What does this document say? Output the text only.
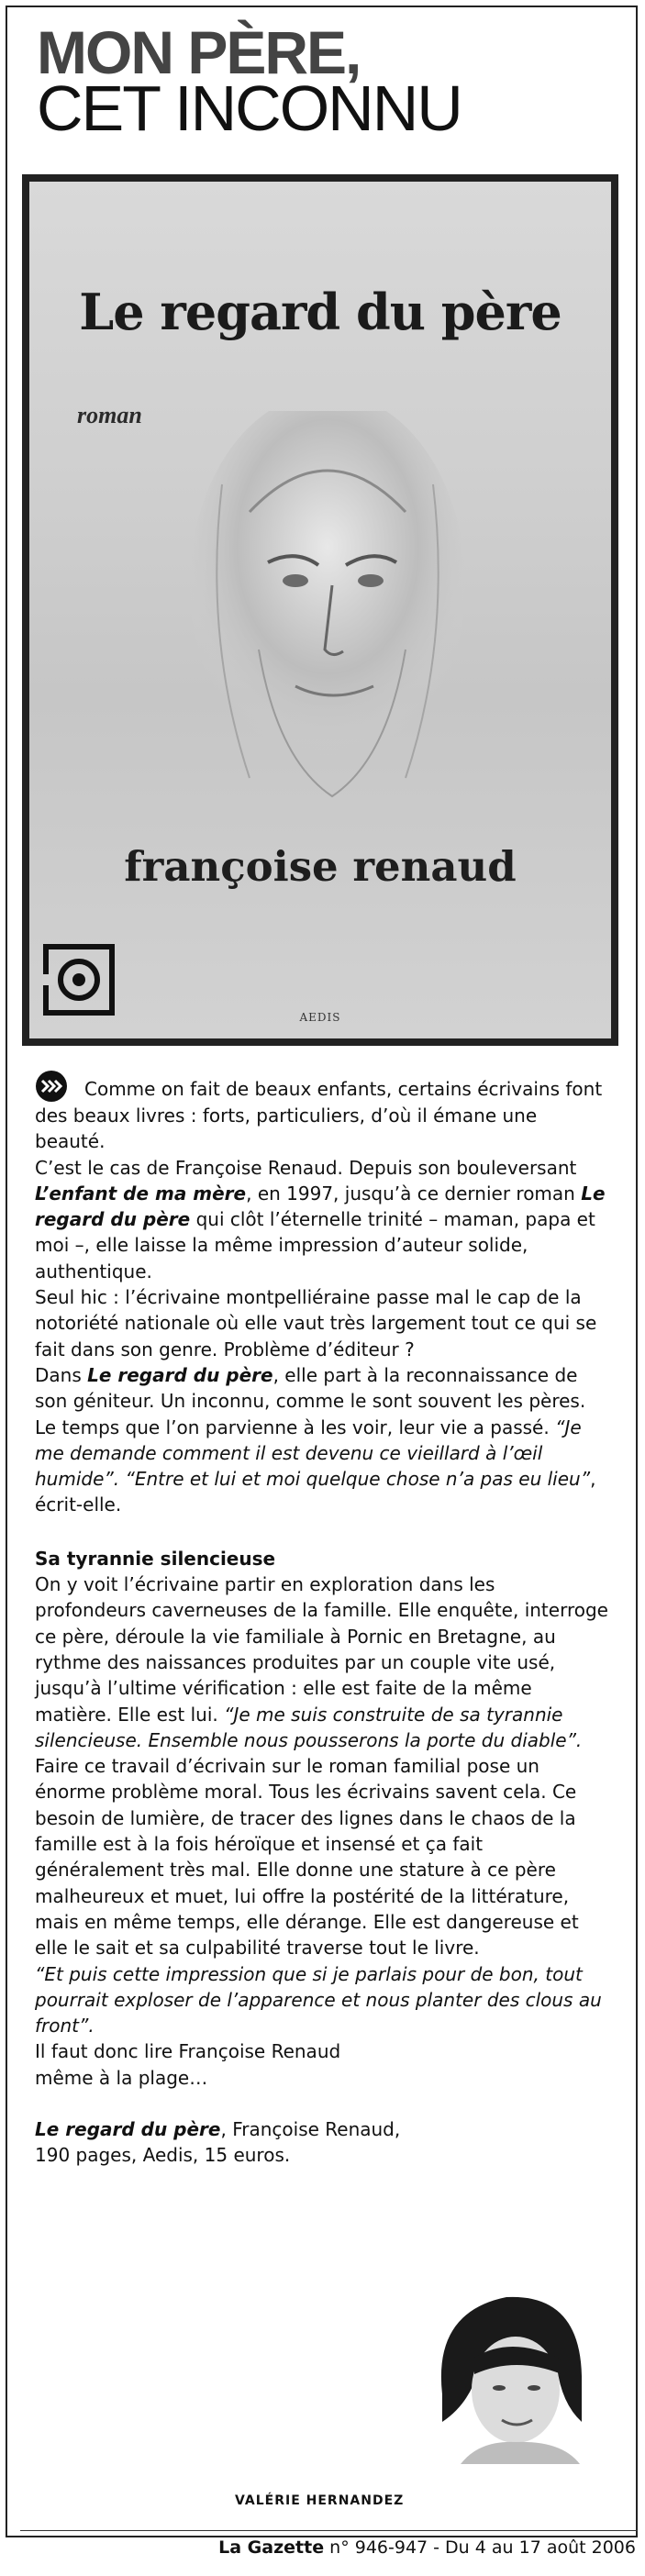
MON PÈRE,
CET INCONNU
Le regard du père
roman
françoise renaud
AEDIS

Comme on fait de beaux enfants, certains écrivains font des beaux livres : forts, particuliers, d’où il émane une beauté.

C’est le cas de Françoise Renaud. Depuis son bouleversant L’enfant de ma mère, en 1997, jusqu’à ce dernier roman Le regard du père qui clôt l’éternelle trinité – maman, papa et moi –, elle laisse la même impression d’auteur solide, authentique.

Seul hic : l’écrivaine montpelliéraine passe mal le cap de la notoriété nationale où elle vaut très largement tout ce qui se fait dans son genre. Problème d’éditeur ?

Dans Le regard du père, elle part à la reconnaissance de son géniteur. Un inconnu, comme le sont souvent les pères. Le temps que l’on parvienne à les voir, leur vie a passé. “Je me demande comment il est devenu ce vieillard à l’œil humide”. “Entre et lui et moi quelque chose n’a pas eu lieu”, écrit-elle.

Sa tyrannie silencieuse

On y voit l’écrivaine partir en exploration dans les profondeurs caverneuses de la famille. Elle enquête, interroge ce père, déroule la vie familiale à Pornic en Bretagne, au rythme des naissances produites par un couple vite usé, jusqu’à l’ultime vérification : elle est faite de la même matière. Elle est lui. “Je me suis construite de sa tyrannie silencieuse. Ensemble nous pousserons la porte du diable”.

Faire ce travail d’écrivain sur le roman familial pose un énorme problème moral. Tous les écrivains savent cela. Ce besoin de lumière, de tracer des lignes dans le chaos de la famille est à la fois héroïque et insensé et ça fait généralement très mal. Elle donne une stature à ce père malheureux et muet, lui offre la postérité de la littérature, mais en même temps, elle dérange. Elle est dangereuse et elle le sait et sa culpabilité traverse tout le livre.

“Et puis cette impression que si je parlais pour de bon, tout pourrait exploser de l’apparence et nous planter des clous au front”.

Il faut donc lire Françoise Renaud même à la plage…

Le regard du père, Françoise Renaud, 190 pages, Aedis, 15 euros.

VALÉRIE HERNANDEZ
La Gazette n° 946-947 - Du 4 au 17 août 2006
